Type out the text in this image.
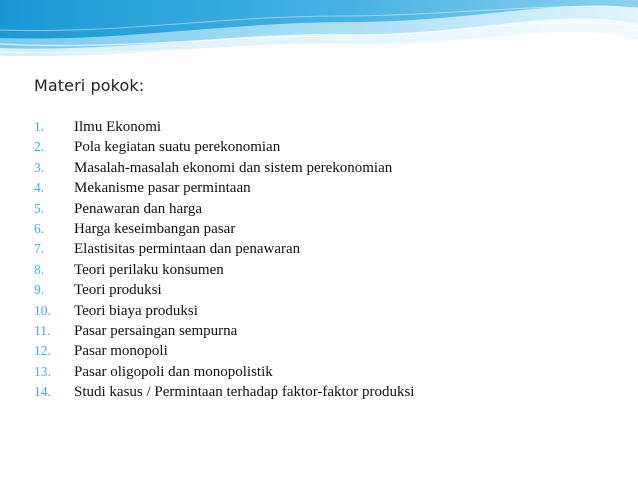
Materi pokok:
1. Ilmu Ekonomi
2. Pola kegiatan suatu perekonomian
3. Masalah-masalah ekonomi dan sistem perekonomian
4. Mekanisme pasar permintaan
5. Penawaran dan harga
6. Harga keseimbangan pasar
7. Elastisitas permintaan dan penawaran
8. Teori perilaku konsumen
9. Teori produksi
10. Teori biaya produksi
11. Pasar persaingan sempurna
12. Pasar monopoli
13. Pasar oligopoli dan monopolistik
14. Studi kasus / Permintaan terhadap faktor-faktor produksi
